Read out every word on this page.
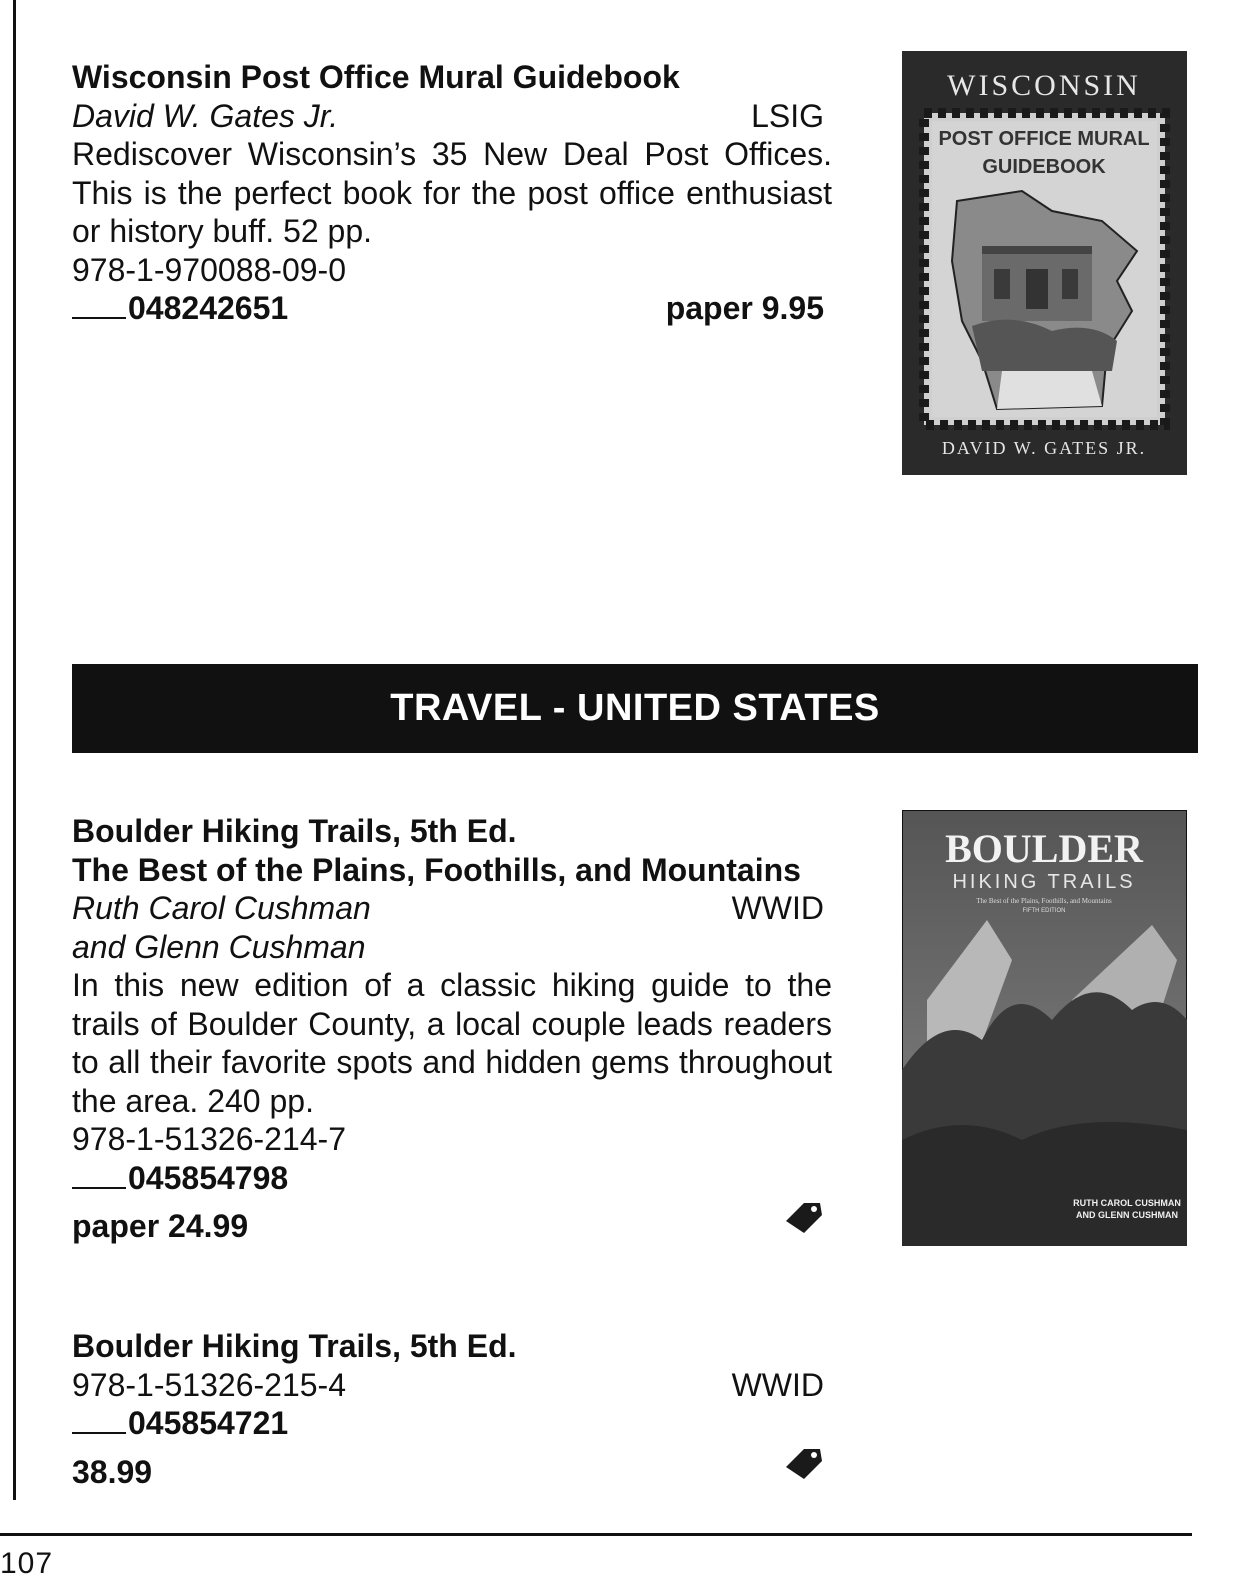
Wisconsin Post Office Mural Guidebook
David W. Gates Jr.	LSIG
Rediscover Wisconsin’s 35 New Deal Post Offices. This is the perfect book for the post office enthusiast or history buff. 52 pp.
978-1-970088-09-0
048242651	paper 9.95
WISCONSIN
POST OFFICE MURAL
GUIDEBOOK
DAVID W. GATES JR.
TRAVEL - UNITED STATES
Boulder Hiking Trails, 5th Ed.
The Best of the Plains, Foothills, and Mountains
Ruth Carol Cushman	WWID
and Glenn Cushman
In this new edition of a classic hiking guide to the trails of Boulder County, a local couple leads readers to all their favorite spots and hidden gems throughout the area. 240 pp.
978-1-51326-214-7
045854798
paper 24.99
BOULDER
HIKING TRAILS
The Best of the Plains, Foothills, and Mountains
FIFTH EDITION
RUTH CAROL CUSHMAN
AND GLENN CUSHMAN
Boulder Hiking Trails, 5th Ed.
978-1-51326-215-4	WWID
045854721
38.99
107
